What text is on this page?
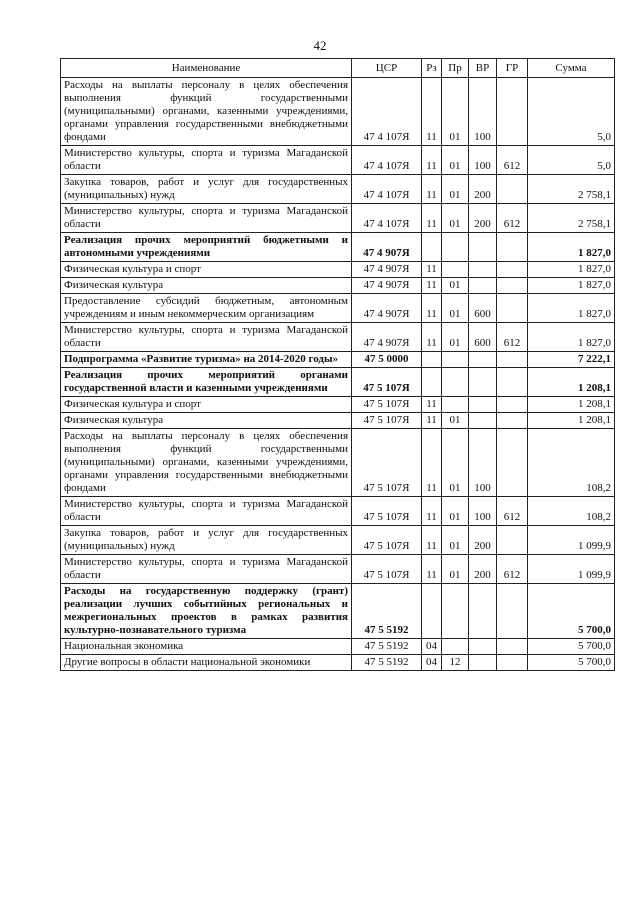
42
Наименование	ЦСР	Рз	Пр	ВР	ГР	Сумма
Расходы на выплаты персоналу в целях обеспечения выполнения функций государственными (муниципальными) органами, казенными учреждениями, органами управления государственными внебюджетными фондами	47 4 107Я	11	01	100		5,0
Министерство культуры, спорта и туризма Магаданской области	47 4 107Я	11	01	100	612	5,0
Закупка товаров, работ и услуг для государственных (муниципальных) нужд	47 4 107Я	11	01	200		2 758,1
Министерство культуры, спорта и туризма Магаданской области	47 4 107Я	11	01	200	612	2 758,1
Реализация прочих мероприятий бюджетными и автономными учреждениями	47 4 907Я					1 827,0
Физическая культура и спорт	47 4 907Я	11				1 827,0
Физическая культура	47 4 907Я	11	01			1 827,0
Предоставление субсидий бюджетным, автономным учреждениям и иным некоммерческим организациям	47 4 907Я	11	01	600		1 827,0
Министерство культуры, спорта и туризма Магаданской области	47 4 907Я	11	01	600	612	1 827,0
Подпрограмма «Развитие туризма» на 2014-2020 годы»	47 5 0000					7 222,1
Реализация прочих мероприятий органами государственной власти и казенными учреждениями	47 5 107Я					1 208,1
Физическая культура и спорт	47 5 107Я	11				1 208,1
Физическая культура	47 5 107Я	11	01			1 208,1
Расходы на выплаты персоналу в целях обеспечения выполнения функций государственными (муниципальными) органами, казенными учреждениями, органами управления государственными внебюджетными фондами	47 5 107Я	11	01	100		108,2
Министерство культуры, спорта и туризма Магаданской области	47 5 107Я	11	01	100	612	108,2
Закупка товаров, работ и услуг для государственных (муниципальных) нужд	47 5 107Я	11	01	200		1 099,9
Министерство культуры, спорта и туризма Магаданской области	47 5 107Я	11	01	200	612	1 099,9
Расходы на государственную поддержку (грант) реализации лучших событийных региональных и межрегиональных проектов в рамках развития культурно-познавательного туризма	47 5 5192					5 700,0
Национальная экономика	47 5 5192	04				5 700,0
Другие вопросы в области национальной экономики	47 5 5192	04	12			5 700,0
